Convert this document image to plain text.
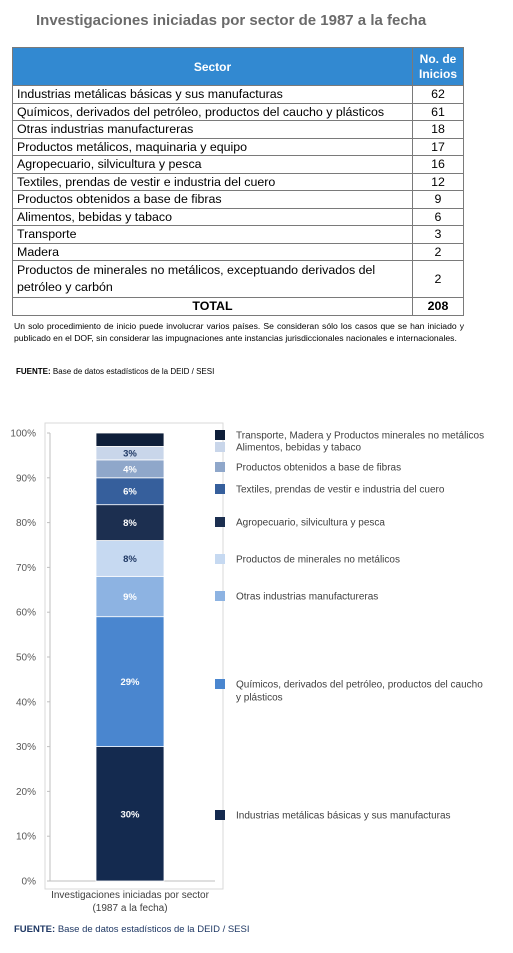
Investigaciones iniciadas por sector de 1987 a la fecha
Sector	No. de Inicios
Industrias metálicas básicas y sus manufacturas	62
Químicos, derivados del petróleo, productos del caucho y plásticos	61
Otras industrias manufactureras	18
Productos metálicos, maquinaria y equipo	17
Agropecuario, silvicultura y pesca	16
Textiles, prendas de vestir e industria del cuero	12
Productos obtenidos a base de fibras	9
Alimentos, bebidas y tabaco	6
Transporte	3
Madera	2
Productos de minerales no metálicos, exceptuando derivados del petróleo y carbón	2
TOTAL	208
Un solo procedimiento de inicio puede involucrar varios países. Se consideran sólo los casos que se han iniciado y publicado en el DOF, sin considerar las impugnaciones ante instancias jurisdiccionales nacionales e internacionales.
FUENTE: Base de datos estadísticos de la DEID / SESI
0%
10%
20%
30%
40%
50%
60%
70%
80%
90%
100%
30%
29%
9%
8%
8%
6%
4%
3%
Investigaciones iniciadas por sector
(1987 a la fecha)
Industrias metálicas básicas y sus manufacturas
Químicos, derivados del petróleo, productos del caucho
y plásticos
Otras industrias manufactureras
Productos de minerales no metálicos
Agropecuario, silvicultura y pesca
Textiles, prendas de vestir e industria del cuero
Productos obtenidos a base de fibras
Alimentos, bebidas y tabaco
Transporte, Madera y Productos minerales no metálicos
FUENTE: Base de datos estadísticos de la DEID / SESI
